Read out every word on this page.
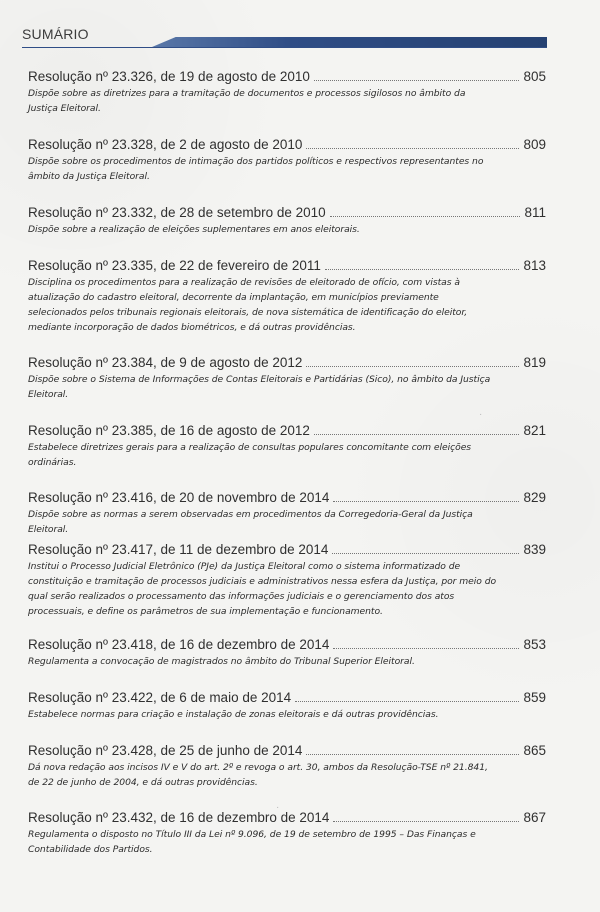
SUMÁRIO
Resolução nº 23.326, de 19 de agosto de 2010	805
Dispõe sobre as diretrizes para a tramitação de documentos e processos sigilosos no âmbito da Justiça Eleitoral.
Resolução nº 23.328, de 2 de agosto de 2010	809
Dispõe sobre os procedimentos de intimação dos partidos políticos e respectivos representantes no âmbito da Justiça Eleitoral.
Resolução nº 23.332, de 28 de setembro de 2010	811
Dispõe sobre a realização de eleições suplementares em anos eleitorais.
Resolução nº 23.335, de 22 de fevereiro de 2011	813
Disciplina os procedimentos para a realização de revisões de eleitorado de ofício, com vistas à atualização do cadastro eleitoral, decorrente da implantação, em municípios previamente selecionados pelos tribunais regionais eleitorais, de nova sistemática de identificação do eleitor, mediante incorporação de dados biométricos, e dá outras providências.
Resolução nº 23.384, de 9 de agosto de 2012	819
Dispõe sobre o Sistema de Informações de Contas Eleitorais e Partidárias (Sico), no âmbito da Justiça Eleitoral.
Resolução nº 23.385, de 16 de agosto de 2012	821
Estabelece diretrizes gerais para a realização de consultas populares concomitante com eleições ordinárias.
Resolução nº 23.416, de 20 de novembro de 2014	829
Dispõe sobre as normas a serem observadas em procedimentos da Corregedoria-Geral da Justiça Eleitoral.
Resolução nº 23.417, de 11 de dezembro de 2014	839
Institui o Processo Judicial Eletrônico (PJe) da Justiça Eleitoral como o sistema informatizado de constituição e tramitação de processos judiciais e administrativos nessa esfera da Justiça, por meio do qual serão realizados o processamento das informações judiciais e o gerenciamento dos atos processuais, e define os parâmetros de sua implementação e funcionamento.
Resolução nº 23.418, de 16 de dezembro de 2014	853
Regulamenta a convocação de magistrados no âmbito do Tribunal Superior Eleitoral.
Resolução nº 23.422, de 6 de maio de 2014	859
Estabelece normas para criação e instalação de zonas eleitorais e dá outras providências.
Resolução nº 23.428, de 25 de junho de 2014	865
Dá nova redação aos incisos IV e V do art. 2º e revoga o art. 30, ambos da Resolução-TSE nº 21.841, de 22 de junho de 2004, e dá outras providências.
Resolução nº 23.432, de 16 de dezembro de 2014	867
Regulamenta o disposto no Título III da Lei nº 9.096, de 19 de setembro de 1995 – Das Finanças e Contabilidade dos Partidos.
·
·
